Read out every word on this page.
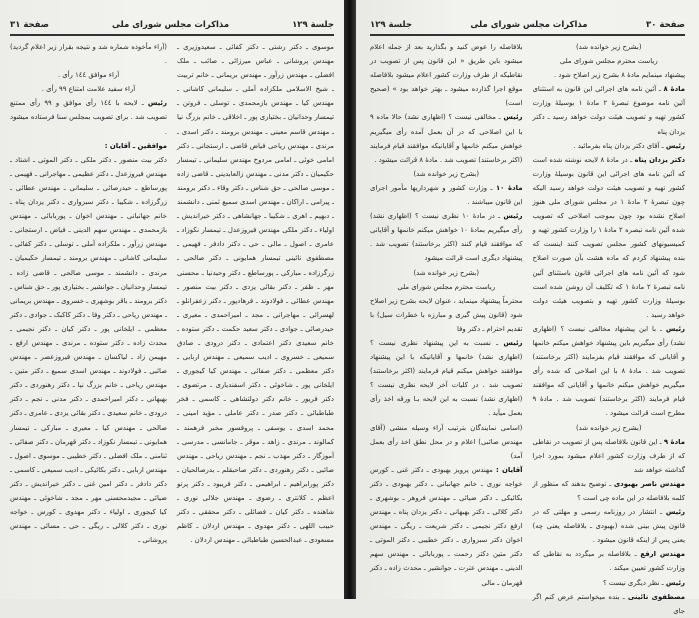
جلسة ۱۲۹
مذاکرات مجلس شورای ملی
صفحة ۳۱

موسوی ـ دکتر رشتی ـ دکتر کفائی ـ سعیدوزیری ـ مهندس پروشانی ـ عباس میرزائی ـ صائب ـ ملک افضلی ـ مهندس زرآور ـ مهندس بریمانی ـ خانم تربیت ـ شیخ الاسلامی ملکزاده آملی ـ سلیمانی کاشانی ـ مهندس کیا ـ مهندس بازمحمدی ـ توسلی ـ فروتن ـ تیمسار وحدانیان ـ بختیاری پور ـ اخلاقی ـ خانم بزرگ نیا ـ مهندس قاسم معینی ـ مهندس برومند ـ دکتر اسدی ـ مرندی ـ مهندس ریاحی فیاض قاضی ـ ارستجانی ـ دکتر امامی خوئی ـ امامی مردوخ مهندس سلیمانی ـ تیمسار حکیمیان ـ دکتر مدنی ـ مهندس زالعابدینی ـ قاضی زاده ـ موسی صالحی ـ حق شناس ـ دکتر وقاء ـ دکتر برومند ـ پیرامی ـ اراکان ـ مهندس اسدی سمیع ثمنی ـ دانشمند ـ دبهیم ـ اهری ـ شکیبا ـ جهانشاهی ـ دکتر خیراندیش ـ اولیاء ـ دکتر ملکی مهندس فیروزعدل ـ تیمسار نکوزاد ـ عامری ـ اصول ـ مالی ـ حی ـ دکتر دادفر ـ فهیمی ـ مصطفوی نائینی تیمسار همایونی ـ دکتر صالحی ـ زرگرزاده ـ مبارکی ـ پورساطع ـ دکتر وحیدنیا ـ محسنی مهر ـ ظفر ـ دکتر بقائی یزدی ـ دکتر بیت منصور ـ مهندس عطائی ـ فولادوند ـ فرهادپور ـ دکتر زعفرانلو ـ لهسرائی ـ مهاجرانی ـ مجد ـ امیراحمدی ـ معیری ـ حیدرصائی ـ جوادی ـ دکتر سعید حکمت ـ دکتر ستوده ـ خانم سعیدی دکتر اعتمادی ـ دکتر درودی ـ صادق سمیعی ـ خسروی ـ ادیب سمیعی ـ مهندس اربابی ـ دکتر معظمی ـ دکتر صفائی ـ مهندس کیا کیجوری ـ ایلخانی پور ـ شاخوئی ـ دکتر اسفندیاری ـ مرتضوی ـ دکتر فریور ـ خانم دکتر دولتشاهی ـ کاسمی ـ فخر طباطبائی ـ دکتر صدر ـ دکتر عاملی ـ مؤید امینی ـ محمد اسدی ـ یوسفی ـ پروفسور مخبر فرهمند ـ کمالوند ـ مرندی ـ زاهد ـ موقر ـ جامانسی ـ مدرسی ـ آموزگار ـ دکتر مهذب ـ نجم ـ مهندس ریاحی ـ مهندس صائبی ـ دکتر رهنوردی ـ دکتر صاحبقلم ـ بدرصالحیان ـ دکتر پورابراهیم ـ ابراهیمی ـ دکتر فریبود ـ دکتر پرتو اعظم ـ کلانتری ـ رضوی ـ مهندس جلالی نوری ـ شاهنده ـ دکتر کیان ـ فضائلی ـ دکتر محققی ـ دکتر حبیب اللهی ـ دکتر مهدوی ـ مهندس اردلان ـ کاظم مسعودی ـ عبدالحسین طباطبائی ـ مهندس اردلان .

(آراء مأخوذه شماره شد و نتیجه بقرار زیر اعلام گردید) .

آراء موافق ۱٤٤ رأی .

آراء سفید علامت امتناع ۹۹ رأی .

رئیس ـ لایحه با ۱٤٤ رأی موافق و ۹۹ رأی ممتنع تصویب شد . برای تصویب بمجلس سنا فرستاده میشود .

موافقین ـ آقایان :

دکتر بیت منصور ـ دکتر ملکی ـ دکتر الموتی ـ اشتاد ـ مهندس فیروزعدل ـ دکتر عظیمی ـ مهاجرانی ـ فهیمی ـ پورساطع ـ حیدرصائی ـ سلیمانی ـ مهندس عطائی ـ زرگرزاده ـ شکیبا ـ دکتر سبزواری ـ دکتر یزدان پناه ـ خانم جهانبانی ـ مهندس اخوان ـ پوربابائی ـ مهندس بازمحمدی ـ مهندس سهم الدینی ـ فیاض ـ ارستجانی ـ مهندس زرآور ـ ملکزاده آملی ـ توسلی ـ دکتر کفائی ـ سلیمانی کاشانی ـ مهندس برومند ـ تیمسار حکیمیان ـ مرندی ـ دانشمند ـ موسی صالحی ـ قاضی زاده ـ تیمسار وحدانیان ـ جوانشیر ـ بختیاری پور ـ حق شناس ـ دکتر برومند ـ باقر بوشهری ـ خسروی ـ مهندس بریمانی ـ مهندس ریاحی ـ دکتر وفا ـ دکتر کاکبک ـ جوادی ـ دکتر معظمی ـ ایلخانی پور ـ دکتر کیان ـ دکتر نجیمی ـ محدث زاده ـ دکتر ستوده ـ مرندی ـ مهندس ارفع ـ مهیمن زاد ـ لیاکسان ـ مهندس فیروزعصر ـ مهندس صائبی ـ فولادوند ـ مهندس اسدی سمیع ـ دکتر متین ـ مهندس ریاحی ـ خانم بزرگ نیا ـ دکتر رهنوردی ـ دکتر بهبهانی ـ دکتر امیراحمدی ـ دکتر مدنی ـ نجم ـ دکتر درودی ـ خانم سعیدی ـ دکتر بقائی یزدی ـ عامری ـ دکتر صالحی ـ مهندس کیا ـ معیری ـ مبارکی ـ تیمسار همایونی ـ تیمسار نکوزاد ـ دکتر قهرمان ـ دکتر صفائی ـ ثنامنی ـ ملک افضلی ـ دکتر خطیبی ـ موسوی ـ اصول ـ مهندس اربابی ـ دکتر بکائیکی ـ ادیب سمیعی ـ کاسمی ـ دکتر دادفر ـ دکتر امین غنی ـ دکتر خیراندیش ـ دکتر ضیائی ـ مجیدمحسنی مهر ـ مجد ـ شاخوئی ـ مهندس کیا کیجوری ـ اولیاء ـ دکتر مهدوی ـ کورس ـ خواجه نوری ـ دکتر کلالی ـ ریگی ـ حی ـ مسائی ـ مهندس پروشانی ـ

صفحة ۳۰
مذاکرات مجلس شورای ملی
جلسة ۱۲۹

(بشرح زیر خوانده شد)

ریاست محترم مجلس شورای ملی

پیشنهاد مینمایم مادهٔ ۸ بشرح زیر اصلاح شود .

مادهٔ ۸ ـ آئین نامه های اجرائی این قانون به استثنای آئین نامه موضوع تبصرهٔ ۲ مادهٔ ۱ بوسیلهٔ وزارت کشور تهیه و تصویب هیئت دولت خواهد رسید ـ دکتر یزدان پناه

رئیس ـ آقای دکتر یزدان پناه بفرمائید .

دکتر یزدان پناه ـ در مادهٔ ۸ لایحه نوشته شده است که آئین نامه های اجرائی این قانون بوسیلهٔ وزارت کشور تهیه و تصویب هیئت دولت خواهد رسید الیکه چون تبصرهٔ ۲ مادهٔ ۱ در مجلس شورای ملی هنوز اصلاح نشده بود چون بموجب اصلاحی که تصویب شده آئین نامه تبصره ۲ مادهٔ ۱ را وزارت کشور تهیه و کمیسیونهای کشور مجلس تصویب کنند اینست که بنده پیشنهاد کردم که ماده هشت بآن صورت اصلاح شود که آئین نامه های اجرائی قانون باستثنای آئین نامه تبصرهٔ ۲ مادهٔ ۱ که تکلیف آن روشن شده است بوسیلهٔ وزارت کشور تهیه و بتصویب هیئت دولت خواهد رسید .

رئیس ـ با این پیشنهاد مخالفی نیست ؟ (اظهاری نشد) رأی میگیریم باین پیشنهاد خواهش میکنم خانمها و آقایانی که موافقند قیام بفرمایند (اکثر برخاستند) تصویب شد . مادهٔ ۸ با این اصلاحی که شده رأی میگیریم خواهش میکنم خانمها و آقایانی که موافقند قیام فرمایند (اکثر برخاستند) تصویب شد . مادهٔ ۹ مطرح است قرائت میشود .

(بشرح زیر خوانده شد)

مادهٔ ۹ ـ این قانون بلافاصله پس از تصویب در نقاطی که از طرف وزارت کشور اعلام میشود بمورد اجرا گذاشته خواهد شد

مهندس ناصر بهبودی ـ توضیح بدهند که منظور از کلمه بلافاصله در این ماده چی است ؟

رئیس ـ انتشار در روزنامه رسمی و مهلتی که در قانون پیش بینی شده (بهبودی ـ بلافاصله یعنی چه) یعنی پس از اینکه قانون میشود .

مهندس ارفع ـ بلافاصله بر میگردد به نقاطی که وزارت کشور تعیین میکند .

رئیس ـ نظر دیگری نیست ؟

مصطفوی نائینی ـ بنده میخواستم عرض کنم اگر جای

بلافاصله را عوض کنید و بگذارید بعد از جمله اعلام میشود باین طریق « این قانون پس از تصویب در نقاطیکه از طرف وزارت کشور اعلام میشود بلافاصله موقع اجرا گذارده میشود ـ بهتر خواهد بود » (صحیح است)

رئیس ـ مخالفی نیست ؟ (اظهاری نشد) حالا ماده ۹ با این اصلاحی که در آن بعمل آمده رأی میگیریم خواهش میکنم خانمها و آقایانیکه موافقند قیام فرمایند (اکثر برخاستند) تصویب شد . مادهٔ ۸ قرائت میشود .

(بشرح زیر خوانده شد)

مادهٔ ۱۰ ـ وزارت کشور و شهرداریها مأمور اجرای این قانون میباشند .

رئیس ـ در مادهٔ ۱۰ نظری نیست ؟ (اظهاری نشد) رأی میگیریم بمادهٔ ۱۰ خواهش میکنم خانمها و آقایانی که موافقند قیام کنند (اکثر برخاستند) تصویب شد . پیشنهاد دیگری است قرائت میشود

(بشرح زیر خوانده شد)

ریاست محترم مجلس شورای ملی

محترماً پیشنهاد مینماید ، عنوان لایحه بشرح زیر اصلاح شود (قانون پیش گیری و مبارزه با خطرات سیل) با تقدیم احترام ـ دکتر وفا

رئیس ـ نسبت به این پیشنهاد نظری نیست ؟ (اظهاری نشد) خانمها و آقایانیکه با این پیشنهاد موافقند خواهش میکنم قیام فرمایند (اکثر برخاستند) تصویب شد . در کلیات آخر لایحه نظری نیست ؟ (اظهاری نشد) نسبت به این لایحه بـا ورقه اخذ رأی بعمل میآید .

(اسامی نمایندگان بترتیب آراء وسیله منشی (آقای مهندس صائبی) اعلام و در محل نطق اخذ رأی بعمل آمد)

آقایان : مهندس پرویز بهبودی ـ دکتر غنی ـ کورس خواجه نوری ـ خانم جهانبانی ـ دکتر بهبودی ـ دکتر بکائیکی ـ دکتر ضیائی ـ مهندس فروهر ـ بوشهری ـ دکتر کلالی ـ دکتر بهبهانی ـ دکتر یزدان پناه ـ مهندس ارفع دکتر نجیمی ـ دکتر شریعت ـ ریگی ـ مهندس اخوان دکتر سبزواری ـ دکتر خطیبی ـ دکتر الموتی ـ دکتر متین دکتر رحمت ـ پوربابائی ـ مهندس سهم الدینی ـ مهندس عترت ـ جوانشیر ـ محدث زاده ـ دکتر قهرمان ـ مالی
